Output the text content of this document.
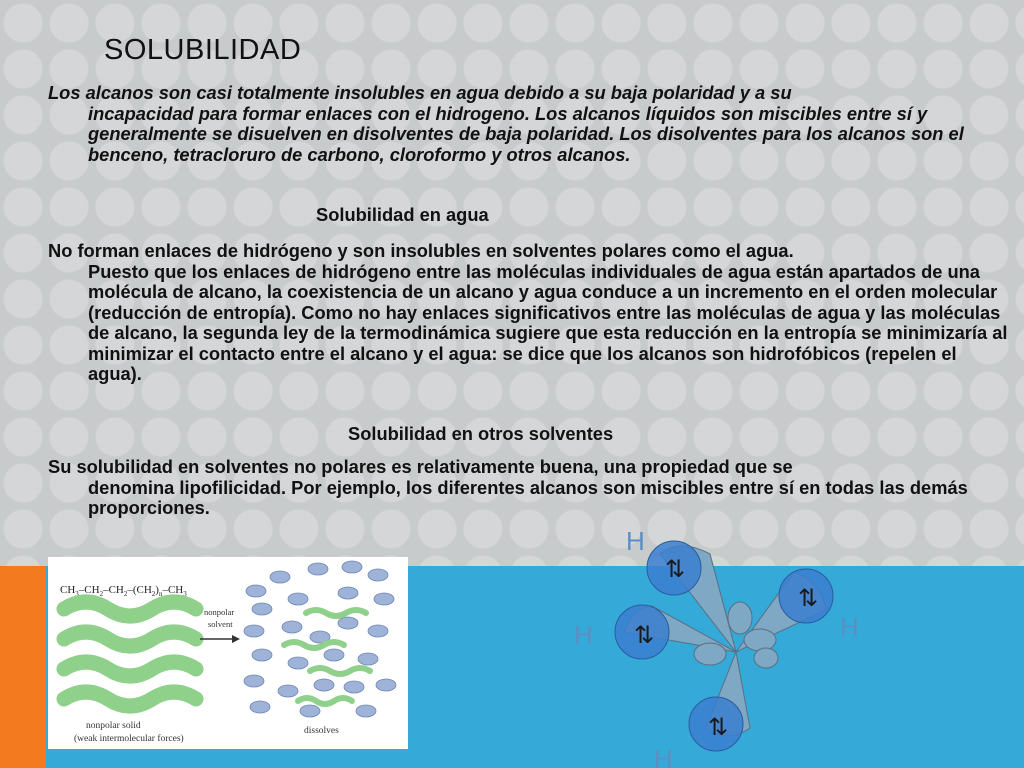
SOLUBILIDAD

Los alcanos son casi totalmente insolubles en agua debido a su baja polaridad y a su
incapacidad para formar enlaces con el hidrogeno. Los alcanos líquidos son miscibles entre sí y generalmente se disuelven en disolventes de baja polaridad. Los disolventes para los alcanos son el benceno, tetracloruro de carbono, cloroformo y otros alcanos.

Solubilidad en agua

No forman enlaces de hidrógeno y son insolubles en solventes polares como el agua.
Puesto que los enlaces de hidrógeno entre las moléculas individuales de agua están apartados de una molécula de alcano, la coexistencia de un alcano y agua conduce a un incremento en el orden molecular (reducción de entropía). Como no hay enlaces significativos entre las moléculas de agua y las moléculas de alcano, la segunda ley de la termodinámica sugiere que esta reducción en la entropía se minimizaría al minimizar el contacto entre el alcano y el agua: se dice que los alcanos son hidrofóbicos (repelen el agua).

Solubilidad en otros solventes

Su solubilidad en solventes no polares es relativamente buena, una propiedad que se
denomina lipofilicidad. Por ejemplo, los diferentes alcanos son miscibles entre sí en todas las demás proporciones.

$CH_3-CH_2-CH_2-(CH_2)_n-CH_3$
nonpolar solid
(weak intermolecular forces)
nonpolar
solvent
dissolves
⇅
⇅
⇅
⇅
H
H
H
H
